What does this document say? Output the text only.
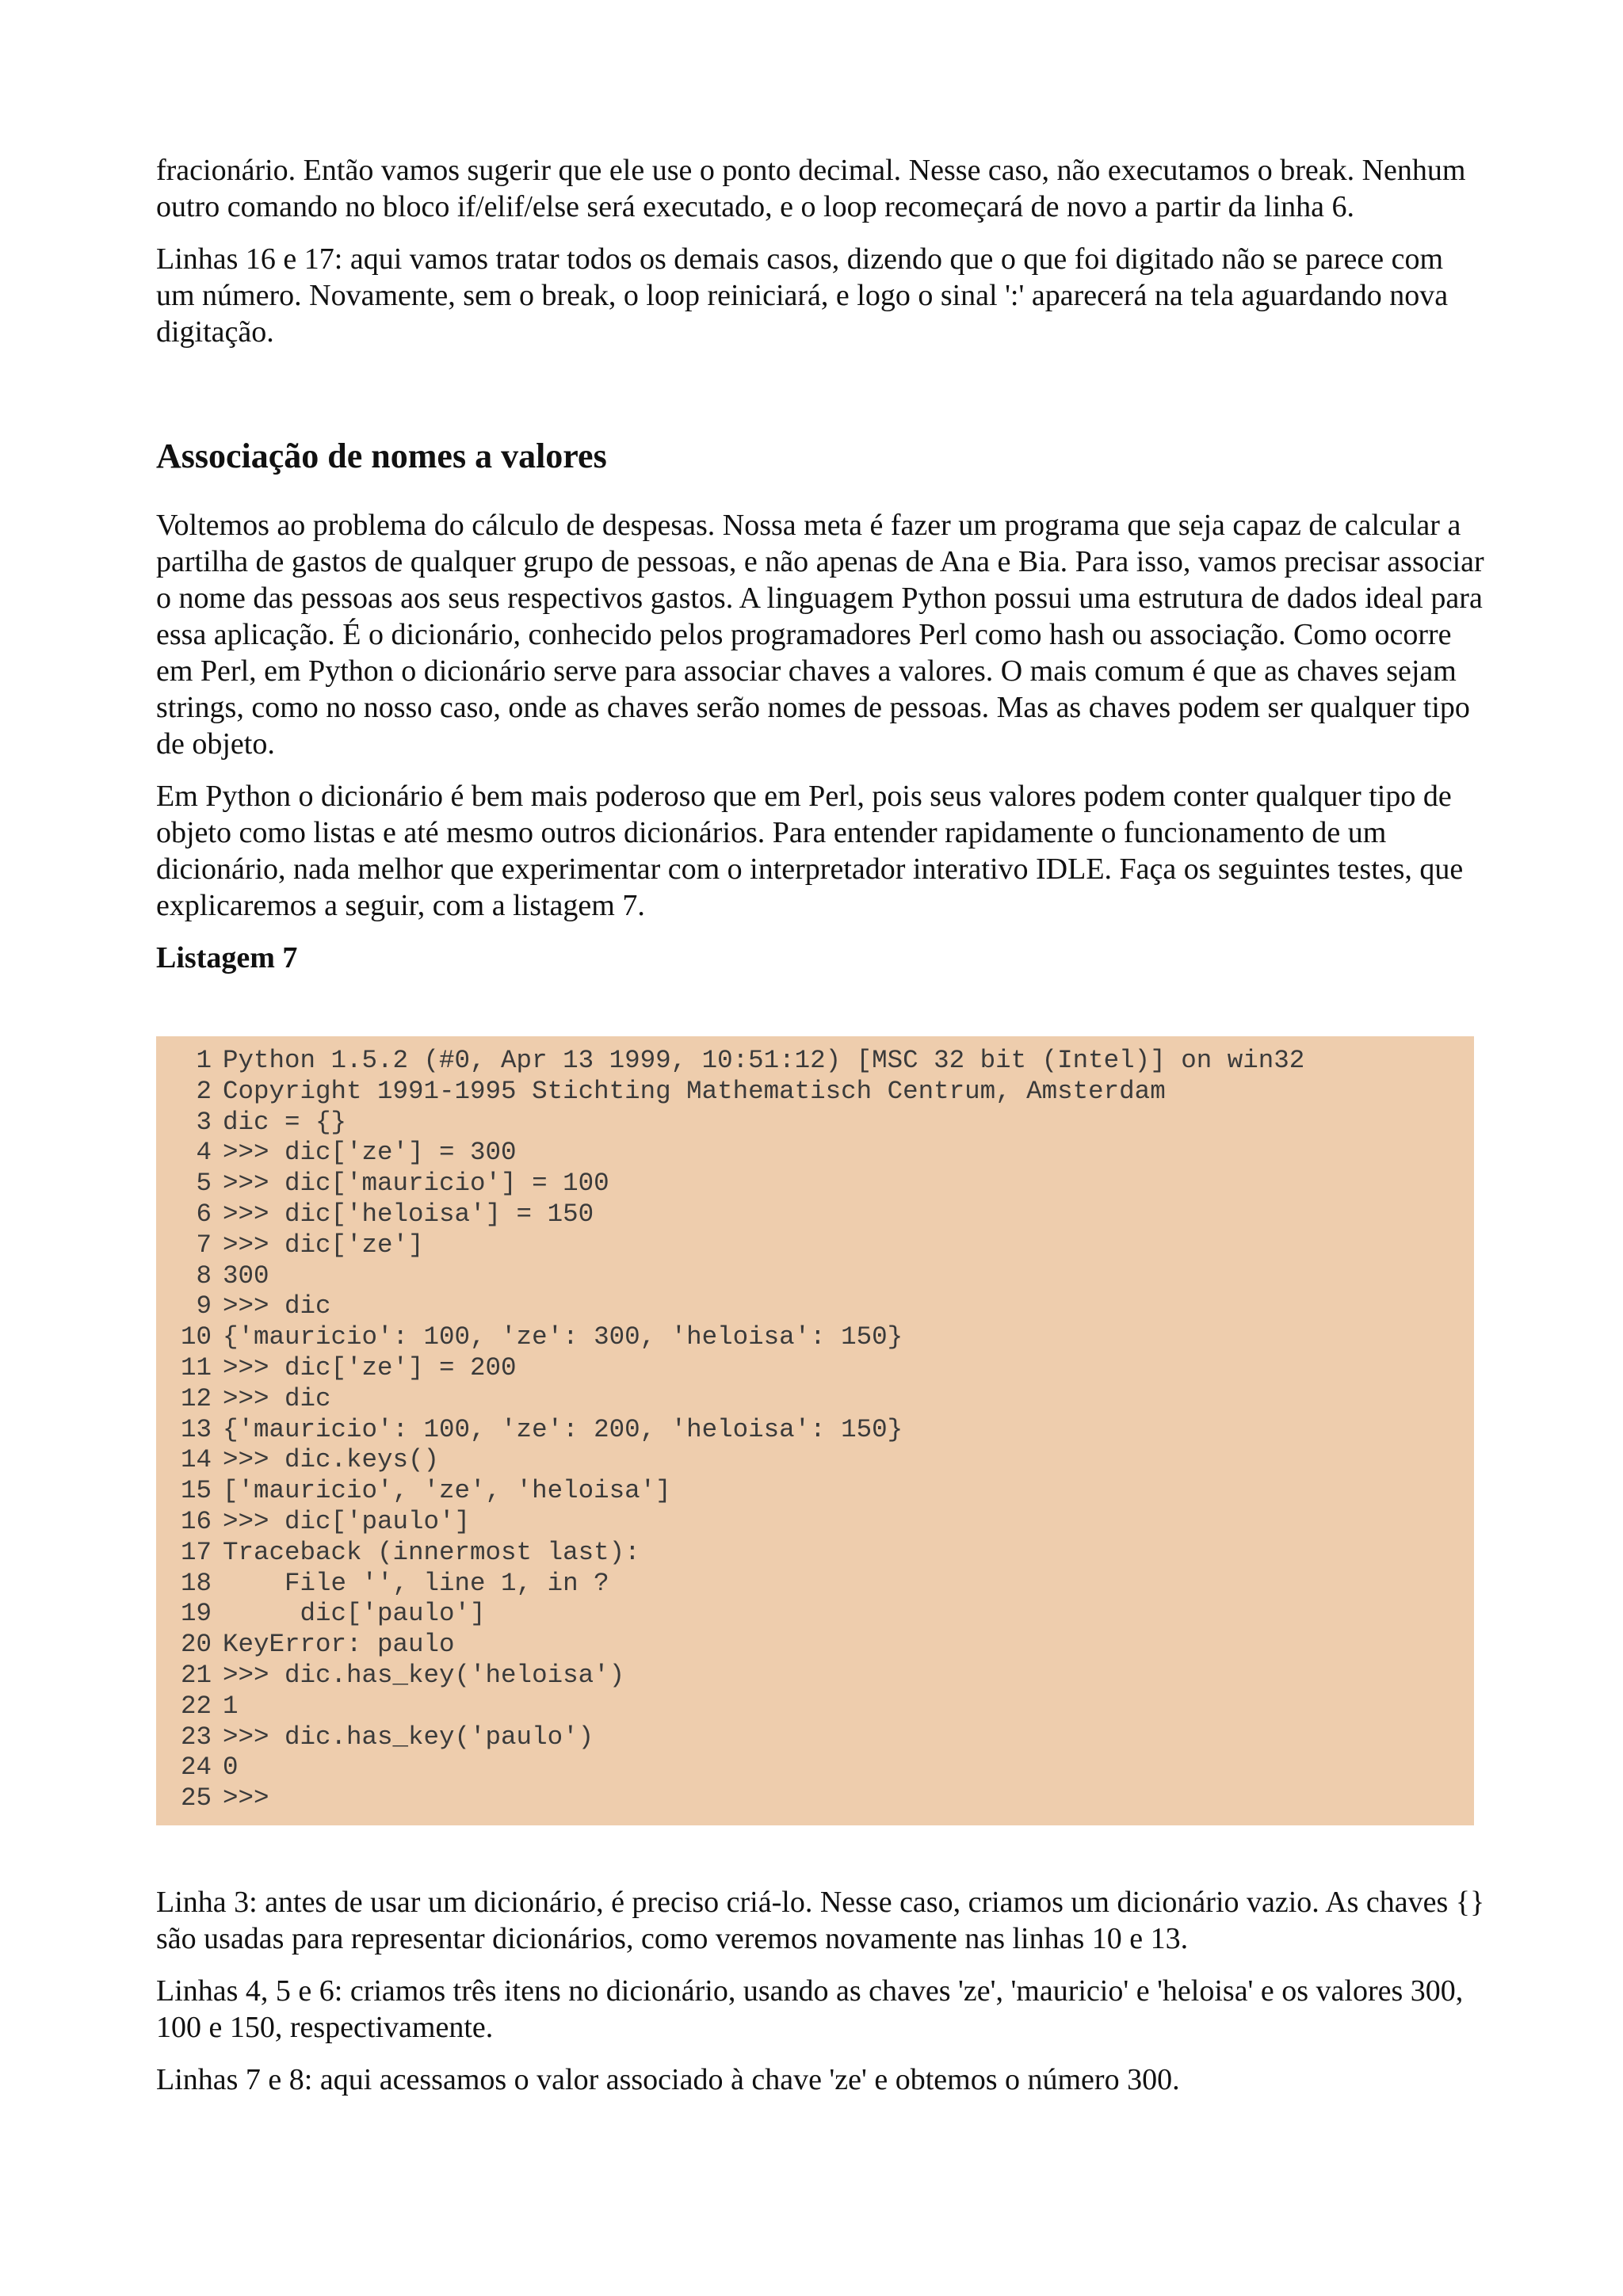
fracionário. Então vamos sugerir que ele use o ponto decimal. Nesse caso, não executamos o break. Nenhum outro comando no bloco if/elif/else será executado, e o loop recomeçará de novo a partir da linha 6.

Linhas 16 e 17: aqui vamos tratar todos os demais casos, dizendo que o que foi digitado não se parece com um número. Novamente, sem o break, o loop reiniciará, e logo o sinal ':' aparecerá na tela aguardando nova digitação.

Associação de nomes a valores

Voltemos ao problema do cálculo de despesas. Nossa meta é fazer um programa que seja capaz de calcular a partilha de gastos de qualquer grupo de pessoas, e não apenas de Ana e Bia. Para isso, vamos precisar associar o nome das pessoas aos seus respectivos gastos. A linguagem Python possui uma estrutura de dados ideal para essa aplicação. É o dicionário, conhecido pelos programadores Perl como hash ou associação. Como ocorre em Perl, em Python o dicionário serve para associar chaves a valores. O mais comum é que as chaves sejam strings, como no nosso caso, onde as chaves serão nomes de pessoas. Mas as chaves podem ser qualquer tipo de objeto.

Em Python o dicionário é bem mais poderoso que em Perl, pois seus valores podem conter qualquer tipo de objeto como listas e até mesmo outros dicionários. Para entender rapidamente o funcionamento de um dicionário, nada melhor que experimentar com o interpretador interativo IDLE. Faça os seguintes testes, que explicaremos a seguir, com a listagem 7.

Listagem 7
1 Python 1.5.2 (#0, Apr 13 1999, 10:51:12) [MSC 32 bit (Intel)] on win32
2 Copyright 1991-1995 Stichting Mathematisch Centrum, Amsterdam
3 dic = {}
4 >>> dic['ze'] = 300
5 >>> dic['mauricio'] = 100
6 >>> dic['heloisa'] = 150
7 >>> dic['ze']
8 300
9 >>> dic
10 {'mauricio': 100, 'ze': 300, 'heloisa': 150}
11 >>> dic['ze'] = 200
12 >>> dic
13 {'mauricio': 100, 'ze': 200, 'heloisa': 150}
14 >>> dic.keys()
15 ['mauricio', 'ze', 'heloisa']
16 >>> dic['paulo']
17 Traceback (innermost last):
18 File '', line 1, in ?
19 dic['paulo']
20 KeyError: paulo
21 >>> dic.has_key('heloisa')
22 1
23 >>> dic.has_key('paulo')
24 0
25 >>>

Linha 3: antes de usar um dicionário, é preciso criá-lo. Nesse caso, criamos um dicionário vazio. As chaves {} são usadas para representar dicionários, como veremos novamente nas linhas 10 e 13.

Linhas 4, 5 e 6: criamos três itens no dicionário, usando as chaves 'ze', 'mauricio' e 'heloisa' e os valores 300, 100 e 150, respectivamente.

Linhas 7 e 8: aqui acessamos o valor associado à chave 'ze' e obtemos o número 300.
